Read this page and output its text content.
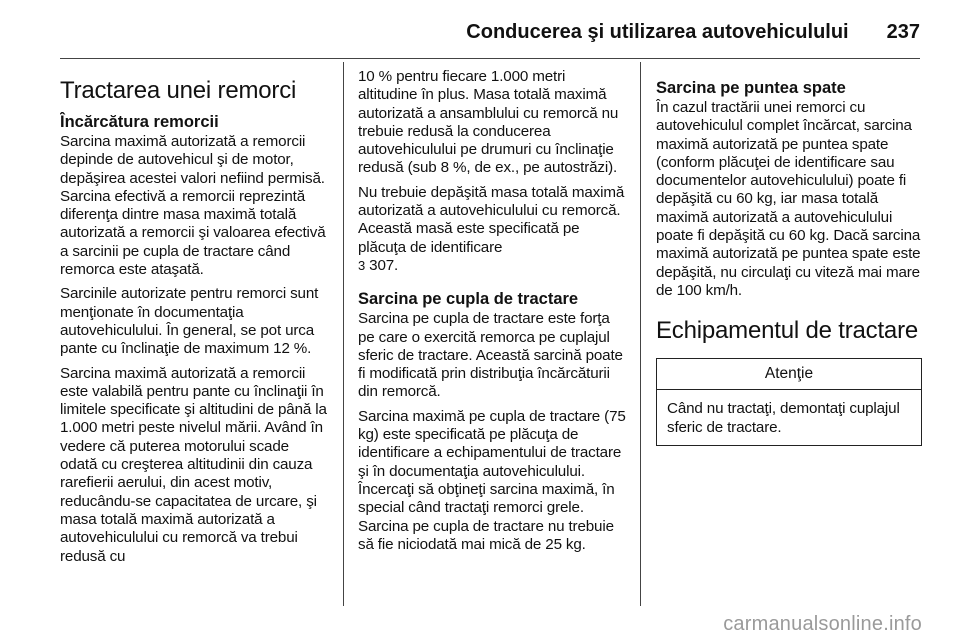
Conducerea şi utilizarea autovehiculului 237
Tractarea unei remorci
Încărcătura remorcii

Sarcina maximă autorizată a remorcii depinde de autovehicul şi de motor, depăşirea acestei valori nefiind permisă. Sarcina efectivă a remorcii reprezintă diferenţa dintre masa maximă totală autorizată a remorcii şi valoarea efectivă a sarcinii pe cupla de tractare când remorca este ataşată.

Sarcinile autorizate pentru remorci sunt menţionate în documentaţia autovehiculului. În general, se pot urca pante cu înclinaţie de maximum 12 %.

Sarcina maximă autorizată a remorcii este valabilă pentru pante cu înclinaţii în limitele specificate şi altitudini de până la 1.000 metri peste nivelul mării. Având în vedere că puterea motorului scade odată cu creşterea altitudinii din cauza rarefierii aerului, din acest motiv, reducându-se capacitatea de urcare, şi masa totală maximă autorizată a autovehiculului cu remorcă va trebui redusă cu

10 % pentru fiecare 1.000 metri altitudine în plus. Masa totală maximă autorizată a ansamblului cu remorcă nu trebuie redusă la conducerea autovehiculului pe drumuri cu înclinaţie redusă (sub 8 %, de ex., pe autostrăzi).

Nu trebuie depăşită masa totală maximă autorizată a autovehiculului cu remorcă. Această masă este specificată pe plăcuţa de identificare
3 307.

Sarcina pe cupla de tractare

Sarcina pe cupla de tractare este forţa pe care o exercită remorca pe cuplajul sferic de tractare. Această sarcină poate fi modificată prin distribuţia încărcăturii din remorcă.

Sarcina maximă pe cupla de tractare (75 kg) este specificată pe plăcuţa de identificare a echipamentului de tractare şi în documentaţia autovehiculului. Încercaţi să obţineţi sarcina maximă, în special când tractaţi remorci grele. Sarcina pe cupla de tractare nu trebuie să fie niciodată mai mică de 25 kg.

Sarcina pe puntea spate

În cazul tractării unei remorci cu autovehiculul complet încărcat, sarcina maximă autorizată pe puntea spate (conform plăcuţei de identificare sau documentelor autovehiculului) poate fi depăşită cu 60 kg, iar masa totală maximă autorizată a autovehiculului poate fi depăşită cu 60 kg. Dacă sarcina maximă autorizată pe puntea spate este depăşită, nu circulaţi cu viteză mai mare de 100 km/h.

Echipamentul de tractare
Atenţie

Când nu tractaţi, demontaţi cuplajul sferic de tractare.

carmanualsonline.info
